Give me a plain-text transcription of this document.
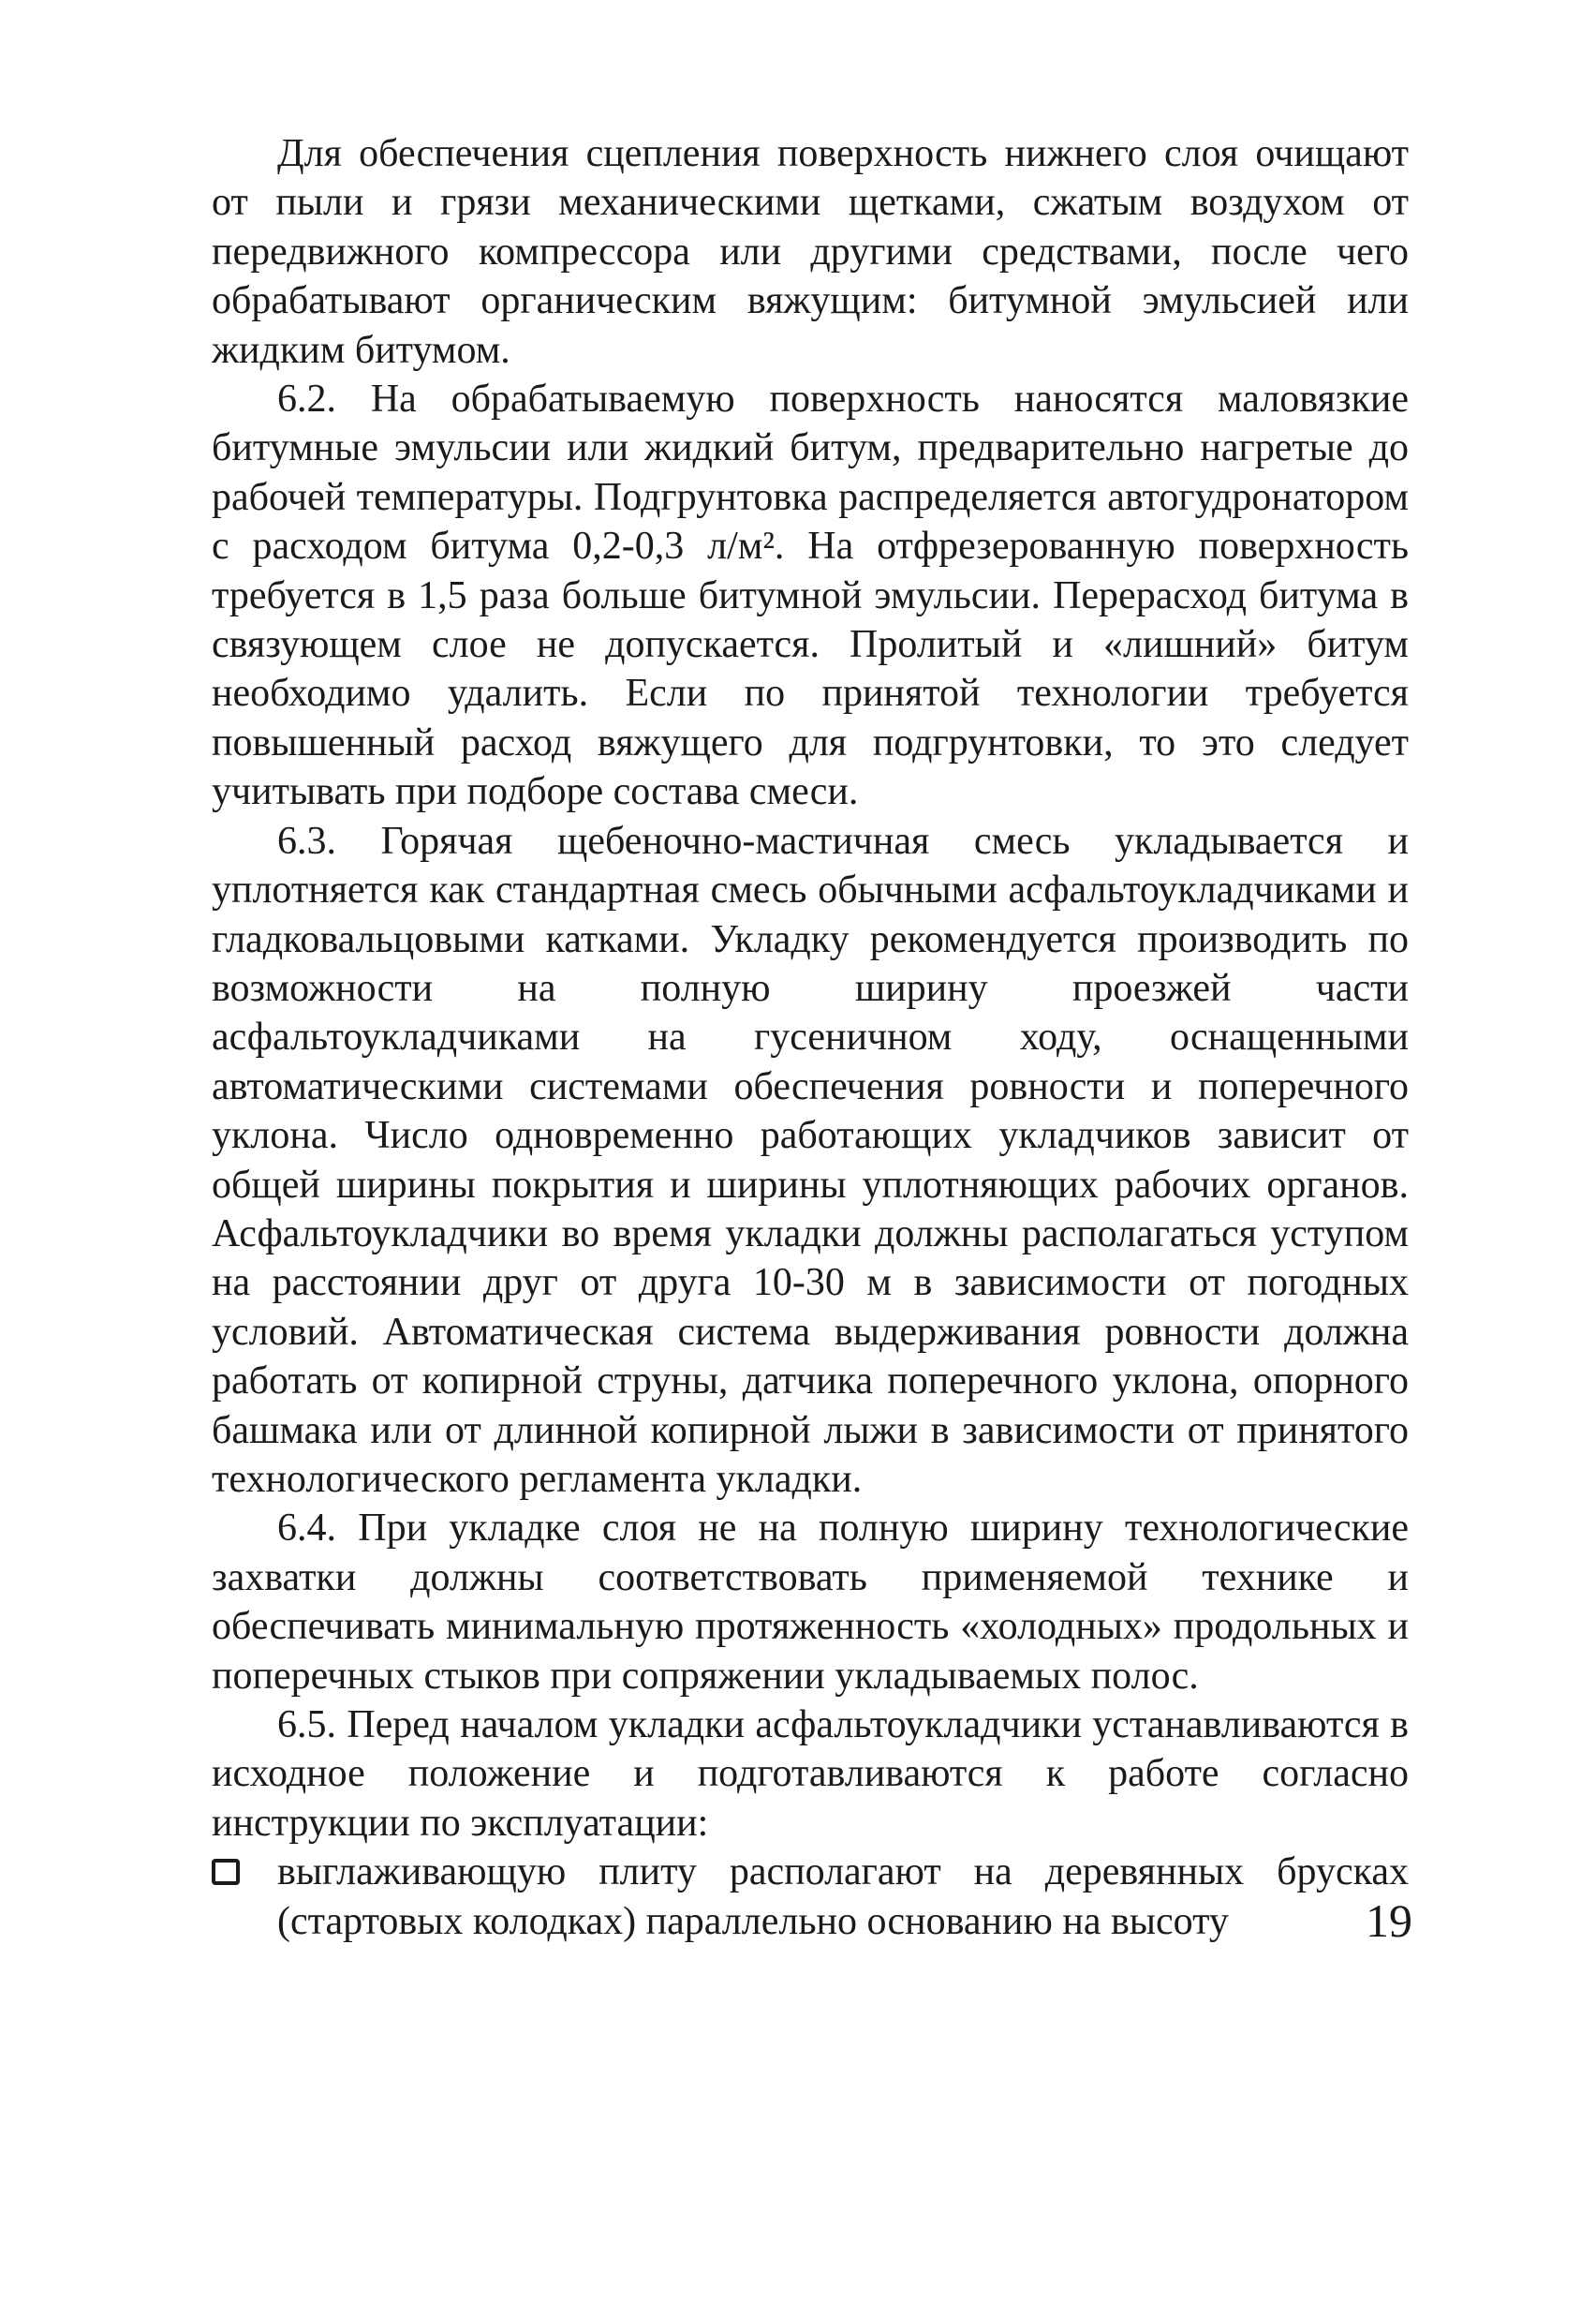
Для обеспечения сцепления поверхность нижнего слоя очищают от пыли и грязи механическими щетками, сжатым воздухом от передвижного компрессора или другими средствами, после чего обрабатывают органическим вяжущим: битумной эмульсией или жидким битумом.

6.2. На обрабатываемую поверхность наносятся маловязкие битумные эмульсии или жидкий битум, предварительно нагретые до рабочей температуры. Подгрунтовка распределяется автогудронатором с расходом битума 0,2-0,3 л/м². На отфрезерованную поверхность требуется в 1,5 раза больше битумной эмульсии. Перерасход битума в связующем слое не допускается. Пролитый и «лишний» битум необходимо удалить. Если по принятой технологии требуется повышенный расход вяжущего для подгрунтовки, то это следует учитывать при подборе состава смеси.

6.3. Горячая щебеночно-мастичная смесь укладывается и уплотняется как стандартная смесь обычными асфальтоукладчиками и гладковальцовыми катками. Укладку рекомендуется производить по возможности на полную ширину проезжей части асфальтоукладчиками на гусеничном ходу, оснащенными автоматическими системами обеспечения ровности и поперечного уклона. Число одновременно работающих укладчиков зависит от общей ширины покрытия и ширины уплотняющих рабочих органов. Асфальтоукладчики во время укладки должны располагаться уступом на расстоянии друг от друга 10-30 м в зависимости от погодных условий. Автоматическая система выдерживания ровности должна работать от копирной струны, датчика поперечного уклона, опорного башмака или от длинной копирной лыжи в зависимости от принятого технологического регламента укладки.

6.4. При укладке слоя не на полную ширину технологические захватки должны соответствовать применяемой технике и обеспечивать минимальную протяженность «холодных» продольных и поперечных стыков при сопряжении укладываемых полос.

6.5. Перед началом укладки асфальтоукладчики устанавливаются в исходное положение и подготавливаются к работе согласно инструкции по эксплуатации:

выглаживающую плиту располагают на деревянных брусках (стартовых колодках) параллельно основанию на высоту	19
